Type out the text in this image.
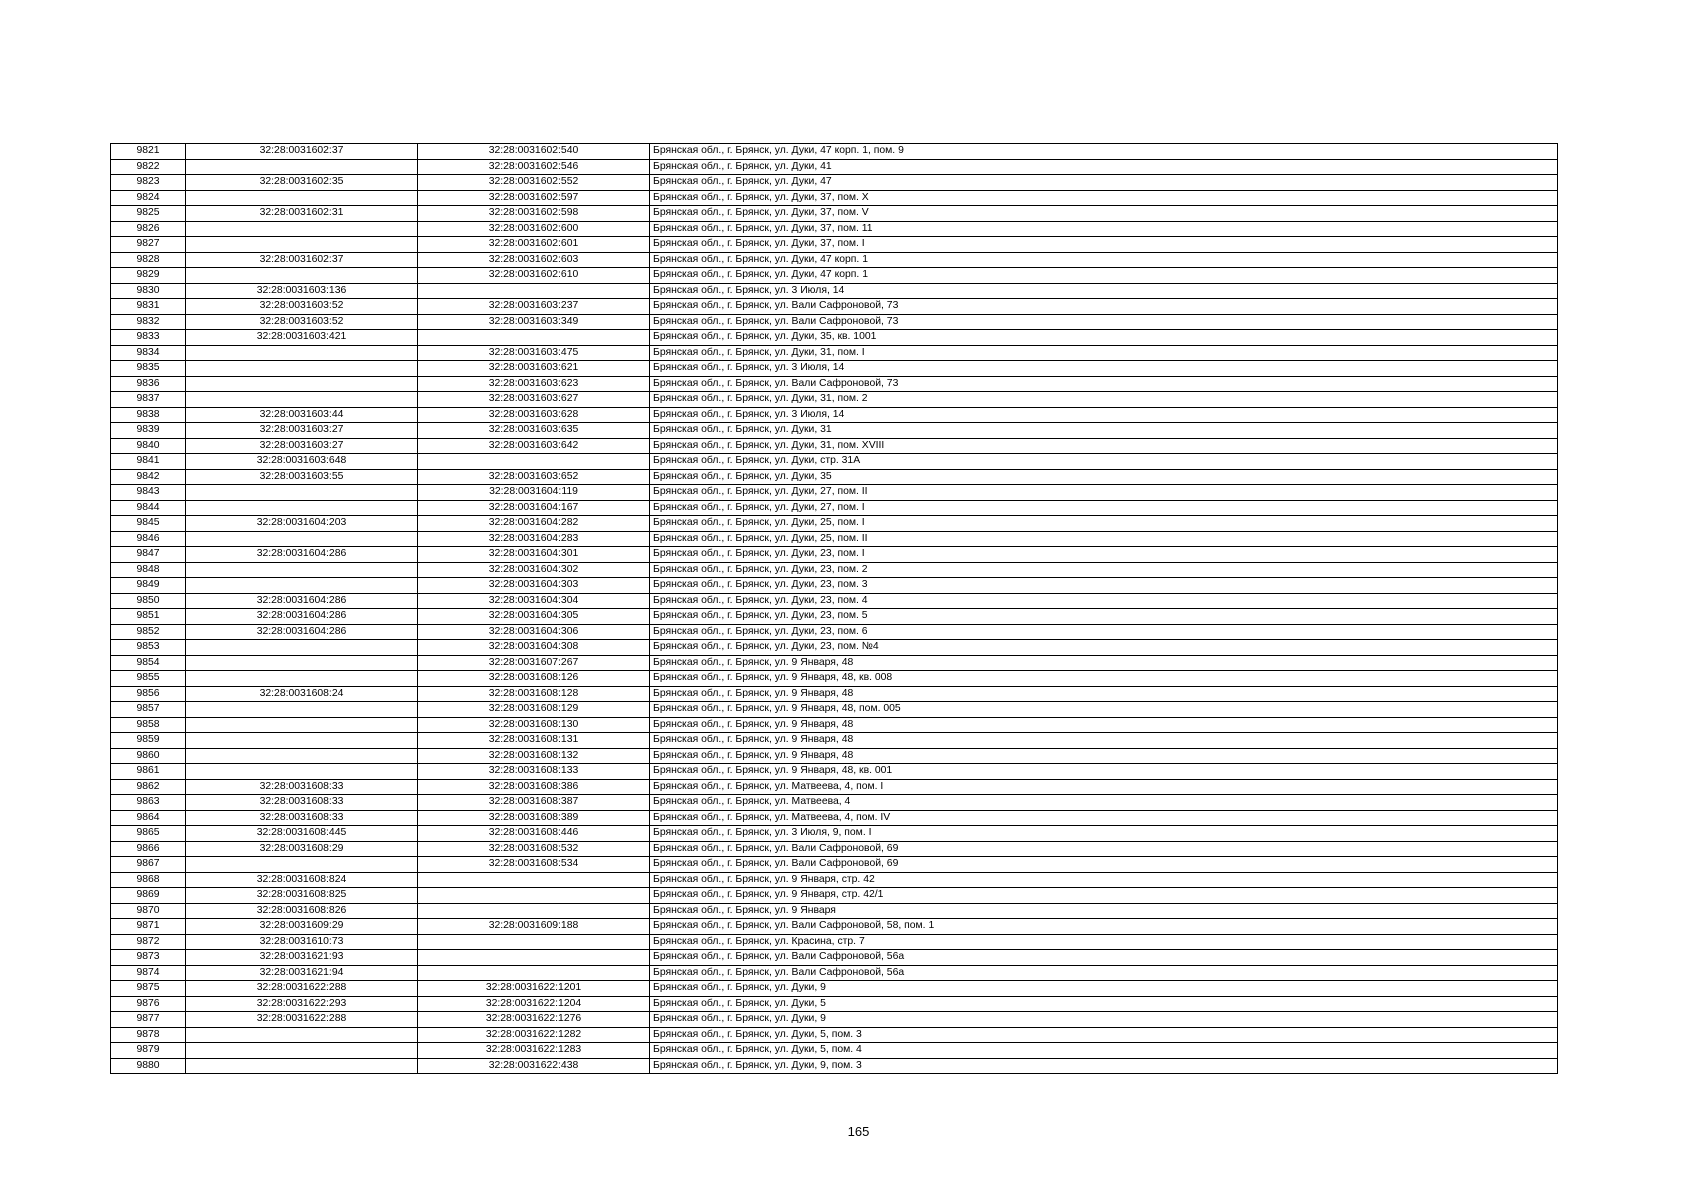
9821	32:28:0031602:37	32:28:0031602:540	Брянская обл., г. Брянск, ул. Дуки, 47 корп. 1, пом. 9
9822		32:28:0031602:546	Брянская обл., г. Брянск, ул. Дуки, 41
9823	32:28:0031602:35	32:28:0031602:552	Брянская обл., г. Брянск, ул. Дуки, 47
9824		32:28:0031602:597	Брянская обл., г. Брянск, ул. Дуки, 37, пом. X
9825	32:28:0031602:31	32:28:0031602:598	Брянская обл., г. Брянск, ул. Дуки, 37, пом. V
9826		32:28:0031602:600	Брянская обл., г. Брянск, ул. Дуки, 37, пом. 11
9827		32:28:0031602:601	Брянская обл., г. Брянск, ул. Дуки, 37, пом. I
9828	32:28:0031602:37	32:28:0031602:603	Брянская обл., г. Брянск, ул. Дуки, 47 корп. 1
9829		32:28:0031602:610	Брянская обл., г. Брянск, ул. Дуки, 47 корп. 1
9830	32:28:0031603:136		Брянская обл., г. Брянск, ул. 3 Июля, 14
9831	32:28:0031603:52	32:28:0031603:237	Брянская обл., г. Брянск, ул. Вали Сафроновой, 73
9832	32:28:0031603:52	32:28:0031603:349	Брянская обл., г. Брянск, ул. Вали Сафроновой, 73
9833	32:28:0031603:421		Брянская обл., г. Брянск, ул. Дуки, 35, кв. 1001
9834		32:28:0031603:475	Брянская обл., г. Брянск, ул. Дуки, 31, пом. I
9835		32:28:0031603:621	Брянская обл., г. Брянск, ул. 3 Июля, 14
9836		32:28:0031603:623	Брянская обл., г. Брянск, ул. Вали Сафроновой, 73
9837		32:28:0031603:627	Брянская обл., г. Брянск, ул. Дуки, 31, пом. 2
9838	32:28:0031603:44	32:28:0031603:628	Брянская обл., г. Брянск, ул. 3 Июля, 14
9839	32:28:0031603:27	32:28:0031603:635	Брянская обл., г. Брянск, ул. Дуки, 31
9840	32:28:0031603:27	32:28:0031603:642	Брянская обл., г. Брянск, ул. Дуки, 31, пом. XVIII
9841	32:28:0031603:648		Брянская обл., г. Брянск, ул. Дуки, стр. 31А
9842	32:28:0031603:55	32:28:0031603:652	Брянская обл., г. Брянск, ул. Дуки, 35
9843		32:28:0031604:119	Брянская обл., г. Брянск, ул. Дуки, 27, пом. II
9844		32:28:0031604:167	Брянская обл., г. Брянск, ул. Дуки, 27, пом. I
9845	32:28:0031604:203	32:28:0031604:282	Брянская обл., г. Брянск, ул. Дуки, 25, пом. I
9846		32:28:0031604:283	Брянская обл., г. Брянск, ул. Дуки, 25, пом. II
9847	32:28:0031604:286	32:28:0031604:301	Брянская обл., г. Брянск, ул. Дуки, 23, пом. I
9848		32:28:0031604:302	Брянская обл., г. Брянск, ул. Дуки, 23, пом. 2
9849		32:28:0031604:303	Брянская обл., г. Брянск, ул. Дуки, 23, пом. 3
9850	32:28:0031604:286	32:28:0031604:304	Брянская обл., г. Брянск, ул. Дуки, 23, пом. 4
9851	32:28:0031604:286	32:28:0031604:305	Брянская обл., г. Брянск, ул. Дуки, 23, пом. 5
9852	32:28:0031604:286	32:28:0031604:306	Брянская обл., г. Брянск, ул. Дуки, 23, пом. 6
9853		32:28:0031604:308	Брянская обл., г. Брянск, ул. Дуки, 23, пом. №4
9854		32:28:0031607:267	Брянская обл., г. Брянск, ул. 9 Января, 48
9855		32:28:0031608:126	Брянская обл., г. Брянск, ул. 9 Января, 48, кв. 008
9856	32:28:0031608:24	32:28:0031608:128	Брянская обл., г. Брянск, ул. 9 Января, 48
9857		32:28:0031608:129	Брянская обл., г. Брянск, ул. 9 Января, 48, пом. 005
9858		32:28:0031608:130	Брянская обл., г. Брянск, ул. 9 Января, 48
9859		32:28:0031608:131	Брянская обл., г. Брянск, ул. 9 Января, 48
9860		32:28:0031608:132	Брянская обл., г. Брянск, ул. 9 Января, 48
9861		32:28:0031608:133	Брянская обл., г. Брянск, ул. 9 Января, 48, кв. 001
9862	32:28:0031608:33	32:28:0031608:386	Брянская обл., г. Брянск, ул. Матвеева, 4, пом. I
9863	32:28:0031608:33	32:28:0031608:387	Брянская обл., г. Брянск, ул. Матвеева, 4
9864	32:28:0031608:33	32:28:0031608:389	Брянская обл., г. Брянск, ул. Матвеева, 4, пом. IV
9865	32:28:0031608:445	32:28:0031608:446	Брянская обл., г. Брянск, ул. 3 Июля, 9, пом. I
9866	32:28:0031608:29	32:28:0031608:532	Брянская обл., г. Брянск, ул. Вали Сафроновой, 69
9867		32:28:0031608:534	Брянская обл., г. Брянск, ул. Вали Сафроновой, 69
9868	32:28:0031608:824		Брянская обл., г. Брянск, ул. 9 Января, стр. 42
9869	32:28:0031608:825		Брянская обл., г. Брянск, ул. 9 Января, стр. 42/1
9870	32:28:0031608:826		Брянская обл., г. Брянск, ул. 9 Января
9871	32:28:0031609:29	32:28:0031609:188	Брянская обл., г. Брянск, ул. Вали Сафроновой, 58, пом. 1
9872	32:28:0031610:73		Брянская обл., г. Брянск, ул. Красина, стр. 7
9873	32:28:0031621:93		Брянская обл., г. Брянск, ул. Вали Сафроновой, 56а
9874	32:28:0031621:94		Брянская обл., г. Брянск, ул. Вали Сафроновой, 56а
9875	32:28:0031622:288	32:28:0031622:1201	Брянская обл., г. Брянск, ул. Дуки, 9
9876	32:28:0031622:293	32:28:0031622:1204	Брянская обл., г. Брянск, ул. Дуки, 5
9877	32:28:0031622:288	32:28:0031622:1276	Брянская обл., г. Брянск, ул. Дуки, 9
9878		32:28:0031622:1282	Брянская обл., г. Брянск, ул. Дуки, 5, пом. 3
9879		32:28:0031622:1283	Брянская обл., г. Брянск, ул. Дуки, 5, пом. 4
9880		32:28:0031622:438	Брянская обл., г. Брянск, ул. Дуки, 9, пом. 3
165
